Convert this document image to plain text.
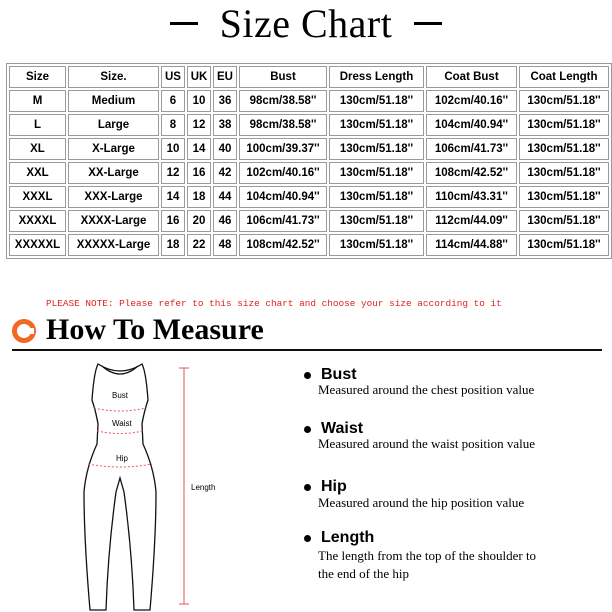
Size Chart
Size	Size.	US	UK	EU	Bust	Dress Length	Coat Bust	Coat Length
M	Medium	6	10	36	98cm/38.58''	130cm/51.18''	102cm/40.16''	130cm/51.18''
L	Large	8	12	38	98cm/38.58''	130cm/51.18''	104cm/40.94''	130cm/51.18''
XL	X-Large	10	14	40	100cm/39.37''	130cm/51.18''	106cm/41.73''	130cm/51.18''
XXL	XX-Large	12	16	42	102cm/40.16''	130cm/51.18''	108cm/42.52''	130cm/51.18''
XXXL	XXX-Large	14	18	44	104cm/40.94''	130cm/51.18''	110cm/43.31''	130cm/51.18''
XXXXL	XXXX-Large	16	20	46	106cm/41.73''	130cm/51.18''	112cm/44.09''	130cm/51.18''
XXXXXL	XXXXX-Large	18	22	48	108cm/42.52''	130cm/51.18''	114cm/44.88''	130cm/51.18''
PLEASE NOTE: Please refer to this size chart and choose your size according to it
How To Measure
Bust
Waist
Hip
Length
Bust
Measured around the chest position value
Waist
Measured around the waist position value
Hip
Measured around the hip position value
Length
The length from the top of the shoulder to
the end of the hip
